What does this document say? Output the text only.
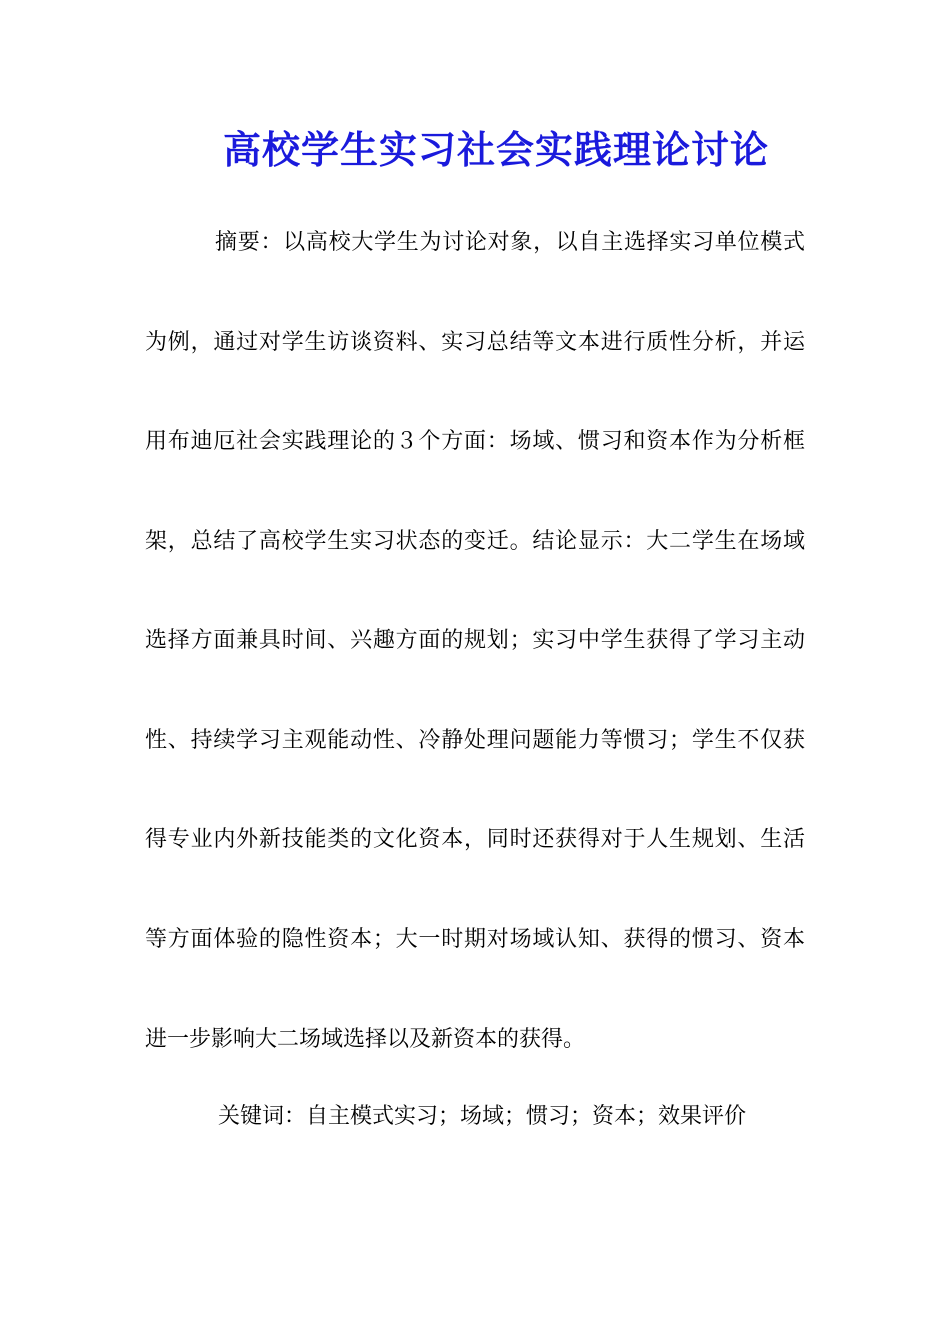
高校学生实习社会实践理论讨论
摘要：以高校大学生为讨论对象，以自主选择实习单位模式
为例，通过对学生访谈资料、实习总结等文本进行质性分析，并运
用布迪厄社会实践理论的３个方面：场域、惯习和资本作为分析框
架，总结了高校学生实习状态的变迁。结论显示：大二学生在场域
选择方面兼具时间、兴趣方面的规划；实习中学生获得了学习主动
性、持续学习主观能动性、冷静处理问题能力等惯习；学生不仅获
得专业内外新技能类的文化资本，同时还获得对于人生规划、生活
等方面体验的隐性资本；大一时期对场域认知、获得的惯习、资本
进一步影响大二场域选择以及新资本的获得。
关键词：自主模式实习；场域；惯习；资本；效果评价
